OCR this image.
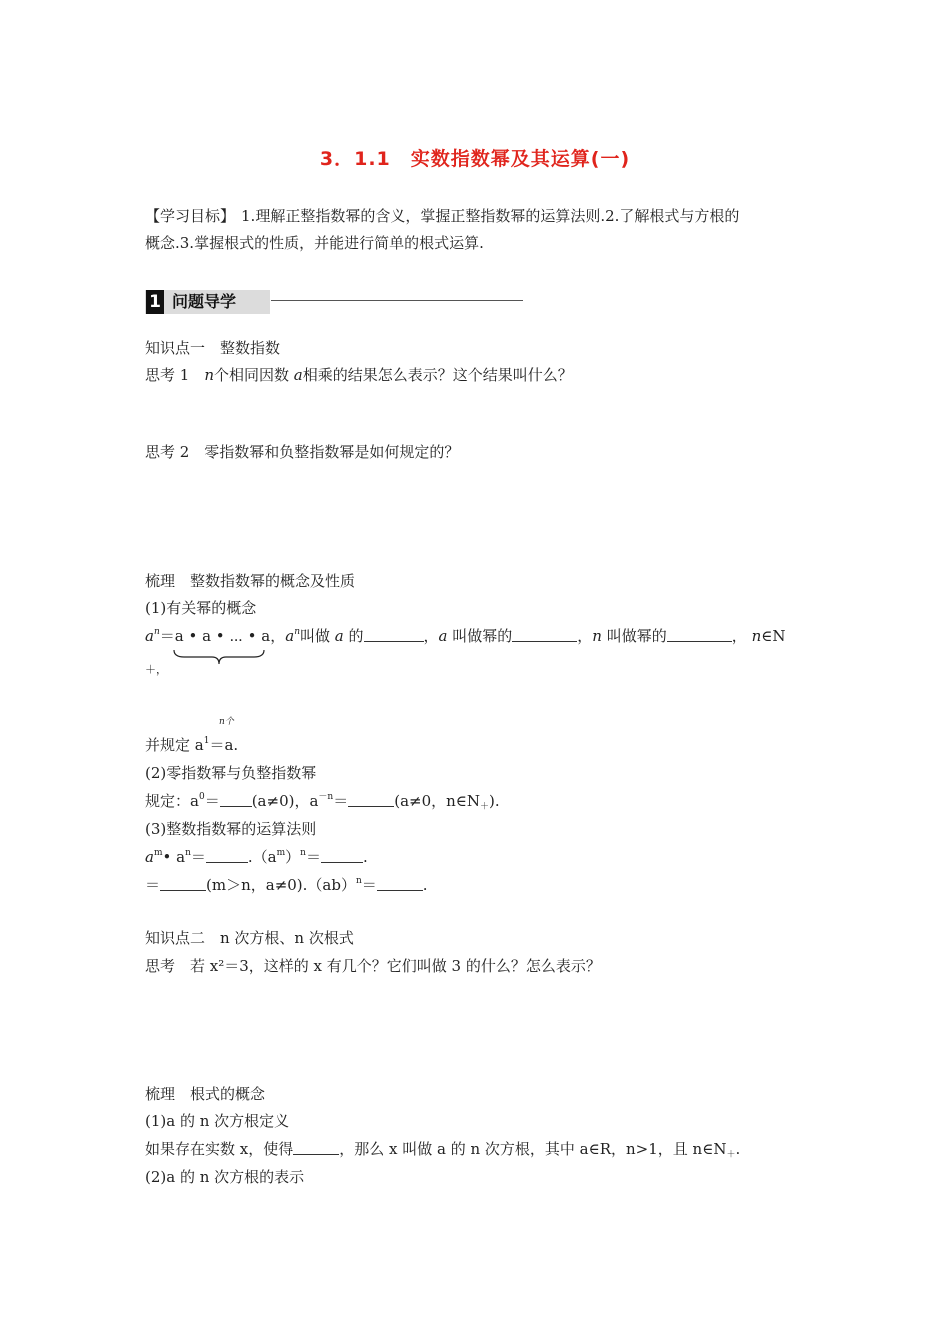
3．1.1　实数指数幂及其运算(一)
【学习目标】 1.理解正整指数幂的含义，掌握正整指数幂的运算法则.2.了解根式与方根的
概念.3.掌握根式的性质，并能进行简单的根式运算.
1 问题导学
知识点一　整数指数
思考 1　n个相同因数 a相乘的结果怎么表示？这个结果叫什么？
思考 2　零指数幂和负整指数幂是如何规定的？
梳理　整数指数幂的概念及性质
(1)有关幂的概念
$a^n=a$ • a • ⋯ • a，$a^n$叫做 a 的	，a 叫做幂的	，n 叫做幂的	， n∈N
＋，
n个
并规定 $a^1=a$.
(2)零指数幂与负整指数幂
规定：$a^0= (a\ne 0)$，$a^{-n}=$	(a≠0，$n\in N_+$).
(3)整数指数幂的运算法则
$a^m•$ $a^n=$	$.(a^m)^n=$	.
＝	(m＞n，a≠0).（ab）$^n$＝	.
知识点二　n 次方根、n 次根式
思考　若 x²＝3，这样的 x 有几个？它们叫做 3 的什么？怎么表示？
梳理　根式的概念
(1)a 的 n 次方根定义
如果存在实数 x，使得	，那么 x 叫做 a 的 n 次方根，其中 a∈R，n>1，且 $n\in N_+$.
(2)a 的 n 次方根的表示
